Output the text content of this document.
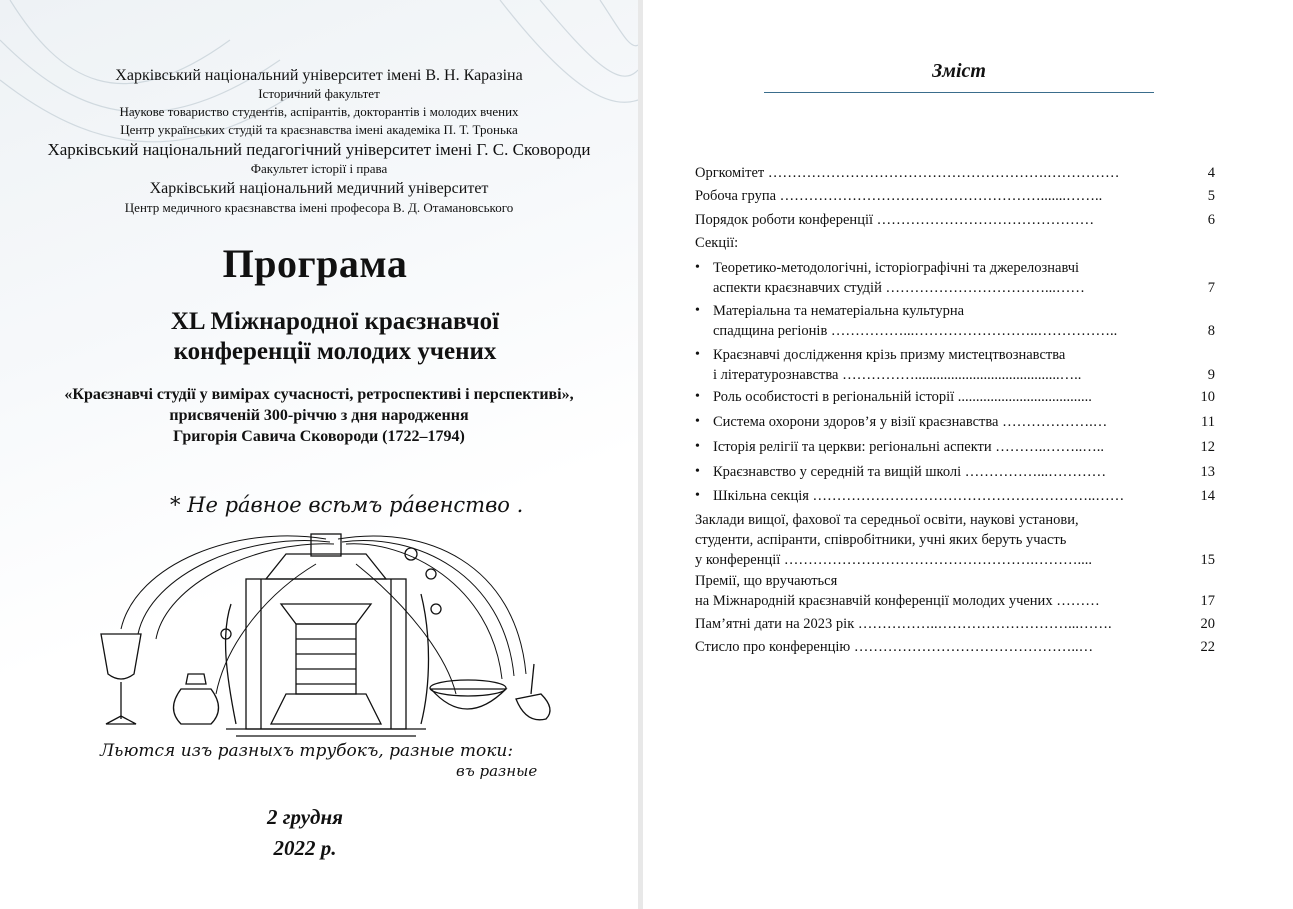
Харківський національний університет імені В. Н. Каразіна
Історичний факультет
Наукове товариство студентів, аспірантів, докторантів і молодих вчених
Центр українських студій та краєзнавства імені академіка П. Т. Тронька
Харківський національний педагогічний університет імені Г. С. Сковороди
Факультет історії і права
Харківський національний медичний університет
Центр медичного краєзнавства імені професора В. Д. Отамановського
Програма
XL Міжнародної краєзнавчої
конференції молодих учених
«Краєзнавчі студії у вимірах сучасності, ретроспективі і перспективі»,
присвяченій 300-річчю з дня народження
Григорія Савича Сковороди (1722–1794)
* Не ра́вное всѣмъ ра́венство .
Льются изъ разныхъ трубокъ, разные токи:
въ разные
2 грудня
2022 р.
Зміст
Оргкомітет ………………………………………………….……………	4
Робоча група ……………………………………………….......……..	5
Порядок роботи конференції ………………………………………	6
Секції:
• Теоретико-методологічні, історіографічні та джерелознавчі
аспекти краєзнавчих студій ……………………………...……	7
• Матеріальна та нематеріальна культурна
спадщина регіонів ……………...……………………..……………..	8
• Краєзнавчі дослідження крізь призму мистецтвознавства
і літературознавства ……………........................................…..	9
• Роль особистості в регіональній історії .....................................	10
• Система охорони здоров’я у візії краєзнавства ……………….…	11
• Історія релігії та церкви: регіональні аспекти ………..……..…..	12
• Краєзнавство у середній та вищій школі ……………...…………	13
• Шкільна секція …………………………………………………..……	14
Заклади вищої, фахової та середньої освіти, наукові установи,
студенти, аспіранти, співробітники, учні яких беруть участь
у конференції …………………………………………….………....	15
Премії, що вручаються
на Міжнародній краєзнавчій конференції молодих учених ………	17
Пам’ятні дати на 2023 рік ……………..………………………...…….	20
Стисло про конференцію ………………………………………..…	22
